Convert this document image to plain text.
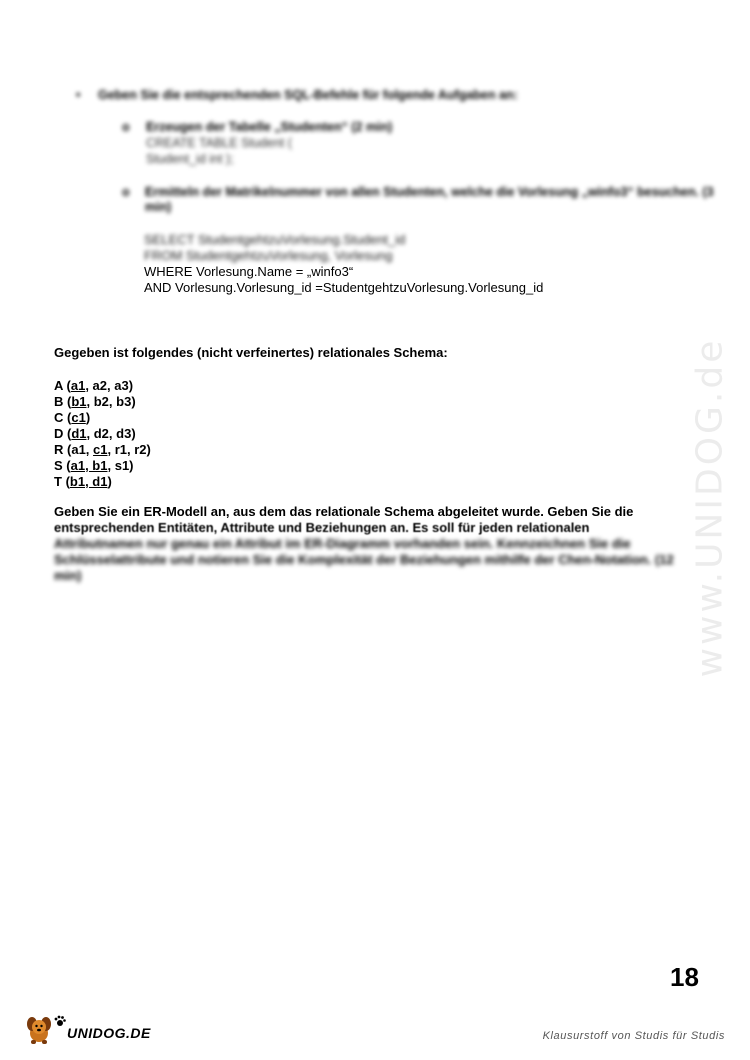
•	Geben Sie die entsprechenden SQL-Befehle für folgende Aufgaben an:
o	Erzeugen der Tabelle „Studenten“ (2 min)
CREATE TABLE Student (
Student_id int );
o	Ermitteln der Matrikelnummer von allen Studenten, welche die Vorlesung „winfo3“ besuchen. (3 min)
SELECT StudentgehtzuVorlesung.Student_id
FROM StudentgehtzuVorlesung, Vorlesung
WHERE Vorlesung.Name = „winfo3“
AND Vorlesung.Vorlesung_id =StudentgehtzuVorlesung.Vorlesung_id
Gegeben ist folgendes (nicht verfeinertes) relationales Schema:
A (a1, a2, a3)
B (b1, b2, b3)
C (c1)
D (d1, d2, d3)
R (a1, c1, r1, r2)
S (a1, b1, s1)
T (b1, d1)
Geben Sie ein ER-Modell an, aus dem das relationale Schema abgeleitet wurde. Geben Sie die
entsprechenden Entitäten, Attribute und Beziehungen an. Es soll für jeden relationalen
Attributnamen nur genau ein Attribut im ER-Diagramm vorhanden sein. Kennzeichnen Sie die Schlüsselattribute und notieren Sie die Komplexität der Beziehungen mithilfe der Chen-Notation. (12 min)	www.UNIDOG.de
18
UNIDOG.DE	Klausurstoff von Studis für Studis
